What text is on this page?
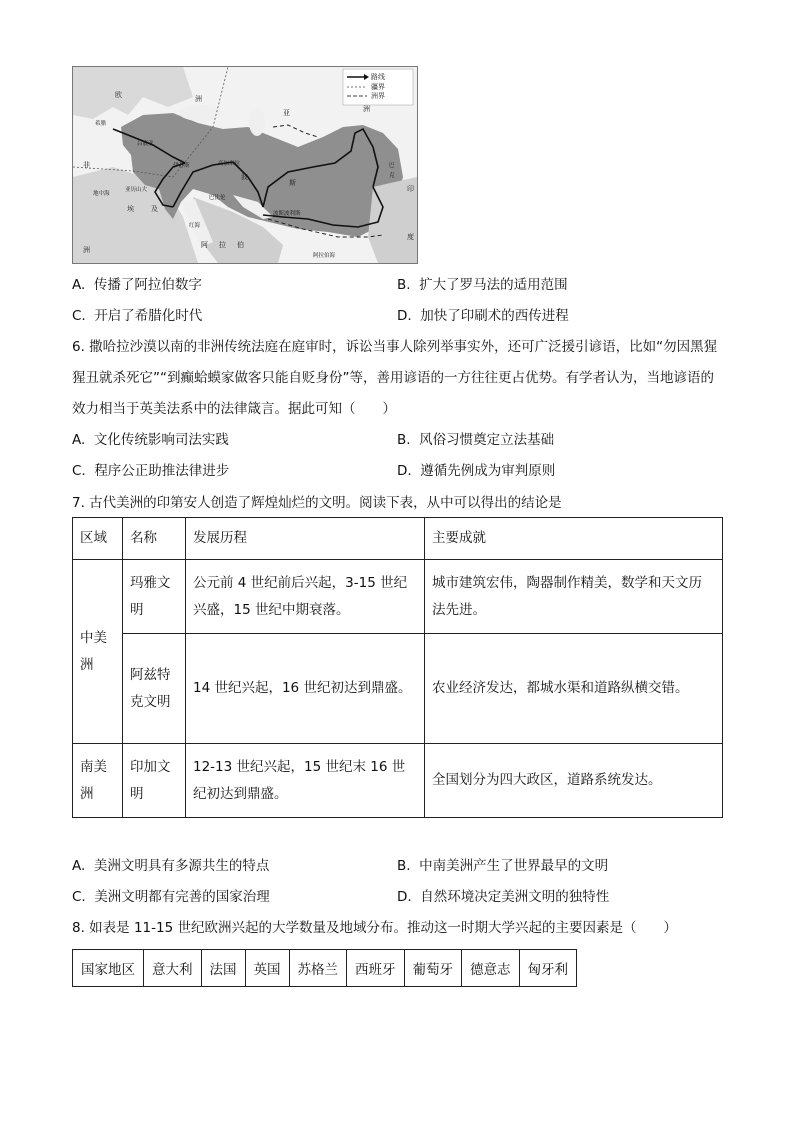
路线
疆界
洲界
欧	洲
希腊
吕底亚
亚	洲
非
洲
地中海
亚历山大
埃 及
伊苏斯	高加米拉
巴比伦
波
斯
波斯波利斯
阿 拉 伯
红海
阿拉伯海
印
度
巴
克
A. 传播了阿拉伯数字	B. 扩大了罗马法的适用范围
C. 开启了希腊化时代	D. 加快了印刷术的西传进程
6. 撒哈拉沙漠以南的非洲传统法庭在庭审时，诉讼当事人除列举事实外，还可广泛援引谚语，比如“勿因黑猩猩丑就杀死它”“到癫蛤蟆家做客只能自贬身份”等，善用谚语的一方往往更占优势。有学者认为，当地谚语的效力相当于英美法系中的法律箴言。据此可知（　　）
A. 文化传统影响司法实践	B. 风俗习惯奠定立法基础
C. 程序公正助推法律进步	D. 遵循先例成为审判原则
7. 古代美洲的印第安人创造了辉煌灿烂的文明。阅读下表，从中可以得出的结论是
区域	名称	发展历程	主要成就
中美洲	玛雅文明	公元前 4 世纪前后兴起，3-15 世纪兴盛，15 世纪中期衰落。	城市建筑宏伟，陶器制作精美，数学和天文历法先进。
	阿兹特克文明	14 世纪兴起，16 世纪初达到鼎盛。	农业经济发达，都城水渠和道路纵横交错。
南美洲	印加文明	12-13 世纪兴起，15 世纪末 16 世纪初达到鼎盛。	全国划分为四大政区，道路系统发达。
A. 美洲文明具有多源共生的特点	B. 中南美洲产生了世界最早的文明
C. 美洲文明都有完善的国家治理	D. 自然环境决定美洲文明的独特性
8. 如表是 11-15 世纪欧洲兴起的大学数量及地域分布。推动这一时期大学兴起的主要因素是（　　）
国家地区	意大利	法国	英国	苏格兰	西班牙	葡萄牙	德意志	匈牙利
